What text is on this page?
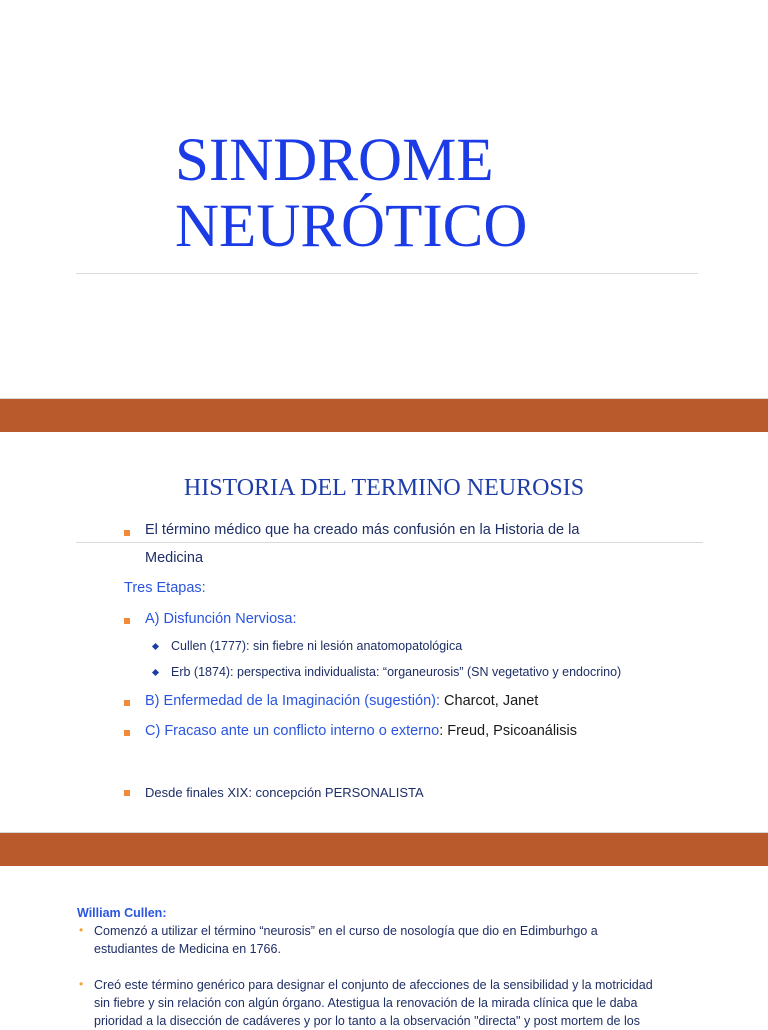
SINDROME
NEURÓTICO
HISTORIA DEL TERMINO NEUROSIS
El término médico que ha creado más confusión en la Historia de la
Medicina
Tres Etapas:
A) Disfunción Nerviosa:
Cullen (1777): sin fiebre ni lesión anatomopatológica
Erb (1874): perspectiva individualista: “organeurosis” (SN vegetativo y endocrino)
B) Enfermedad de la Imaginación (sugestión): Charcot, Janet
C) Fracaso ante un conflicto interno o externo: Freud, Psicoanálisis
Desde finales XIX: concepción PERSONALISTA
William Cullen:
• Comenzó a utilizar el término “neurosis” en el curso de nosología que dio en Edimburhgo a
estudiantes de Medicina en 1766.
• Creó este término genérico para designar el conjunto de afecciones de la sensibilidad y la motricidad
sin fiebre y sin relación con algún órgano. Atestigua la renovación de la mirada clínica que le daba
prioridad a la disección de cadáveres y por lo tanto a la observación "directa" y post mortem de los
